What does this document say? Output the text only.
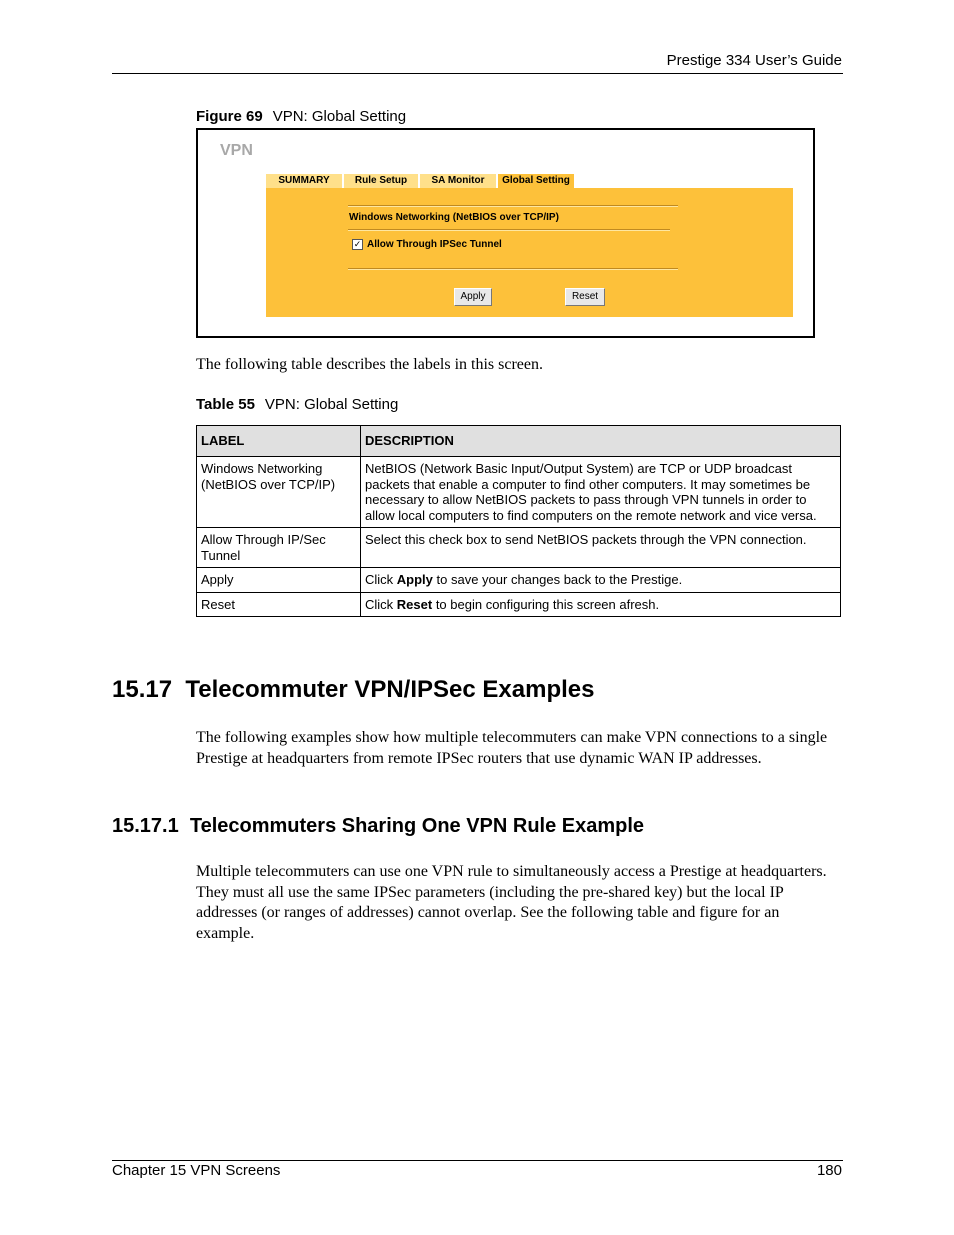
Prestige 334 User’s Guide
Figure 69 VPN: Global Setting
VPN
SUMMARY	Rule Setup	SA Monitor	Global Setting
Windows Networking (NetBIOS over TCP/IP)
✓ Allow Through IPSec Tunnel
Apply	Reset
The following table describes the labels in this screen.
Table 55 VPN: Global Setting
LABEL	DESCRIPTION
Windows Networking (NetBIOS over TCP/IP)	NetBIOS (Network Basic Input/Output System) are TCP or UDP broadcast packets that enable a computer to find other computers. It may sometimes be necessary to allow NetBIOS packets to pass through VPN tunnels in order to allow local computers to find computers on the remote network and vice versa.
Allow Through IP/Sec Tunnel	Select this check box to send NetBIOS packets through the VPN connection.
Apply	Click Apply to save your changes back to the Prestige.
Reset	Click Reset to begin configuring this screen afresh.
15.17  Telecommuter VPN/IPSec Examples
The following examples show how multiple telecommuters can make VPN connections to a single Prestige at headquarters from remote IPSec routers that use dynamic WAN IP addresses.
15.17.1  Telecommuters Sharing One VPN Rule Example
Multiple telecommuters can use one VPN rule to simultaneously access a Prestige at headquarters. They must all use the same IPSec parameters (including the pre-shared key) but the local IP addresses (or ranges of addresses) cannot overlap. See the following table and figure for an example.
Chapter 15 VPN Screens	180
